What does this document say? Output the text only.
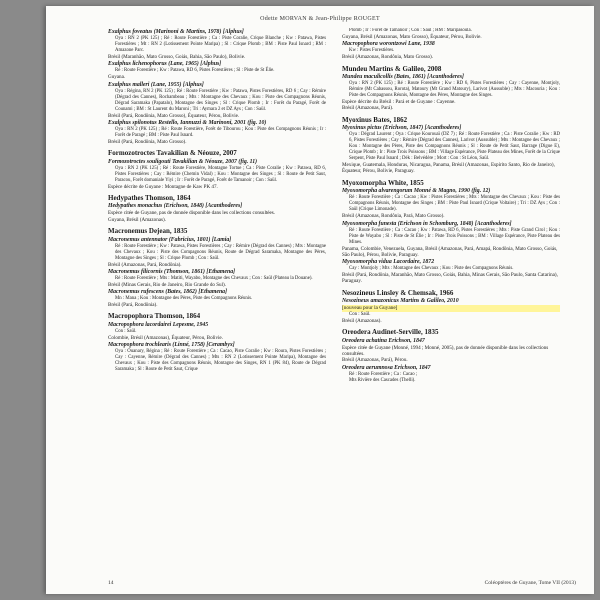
Odette MORVAN & Jean-Philippe ROUGET

Exalphus foveatus (Marinoni & Martins, 1978) [Alphus]

Oya : RN 2 (PK 125) ; Ré : Route Forestière ; Ca : Piste Coralie, Crique Blanche ; Kw : Patawa, Pistes Forestières ; Mt : RN 2 (Lotissement Pointe Maripa) ; Sl : Crique Plomb ; BM : Piste Paul Isnard ; RM : Amazone Parc.

Brésil (Maranhão, Mato Grosso, Goiás, Bahia, São Paulo), Bolivie.

Exalphus lichenophorus (Lane, 1965) [Alphus]

Ré : Route Forestière ; Kw : Patawa, RD 6, Pistes Forestières ; Sl : Piste de St Élie.

Guyana.

Exalphus malleri (Lane, 1955) [Alphus]

Oya : Régina, RN 2 (PK 125) ; Ré : Route Forestière ; Kw : Patawa, Pistes Forestières, RD 6 ; Cay : Rémire (Dégrad des Cannes), Rochambeau ; Mts : Montagne des Chevaux ; Kou : Piste des Compagnons Réunis, Dégrad Saramaka (Papatalo), Montagne des Singes ; Sl : Crique Plomb ; Ir : Forêt du Paragé, Forêt de Counami ; BM : St Laurent du Maroni ; Tri : Aymara 2 et DZ Ays ; Con : Saül.

Brésil (Pará, Rondônia, Mato Grosso), Équateur, Pérou, Bolivie.

Exalphus spilonotus Restello, Iannuzzi & Marinoni, 2001 (fig. 10)

Oya : RN 2 (PK 125) ; Ré : Route Forestière, Forêt de Tibourou ; Kou : Piste des Compagnons Réunis ; Ir : Forêt de Paragé ; BM : Piste Paul Isnard.

Brésil (Pará, Rondônia, Mato Grosso).

Formozotroctes Tavakilian & Néouze, 2007

Formozotroctes souligouti Tavakilian & Néouze, 2007 (fig. 11)

Oya : RN 2 (PK 125) ; Ré : Route Forestière, Montagne Tortue ; Ca : Piste Coralie ; Kw : Patawa, RD 6, Pistes Forestières ; Cay : Rémire (Chemin Vidal) ; Kou : Montagne des Singes ; Sl : Route de Petit Saut, Paracou, Forêt domaniale Yiyi ; Ir : Forêt de Paragé, Forêt de Tamanoir ; Con : Saül.

Espèce décrite de Guyane : Montagne de Kaw PK 47.

Hedypathes Thomson, 1864

Hedypathes monachus (Erichson, 1848) [Acanthoderes]

Espèce citée de Guyane, pas de donnée disponible dans les collections consultées.

Guyana, Brésil (Amazonas).

Macronemus Dejean, 1835

Macronemus antennator (Fabricius, 1801) [Lamia]

Ré : Route Forestière ; Kw : Patawa, Pistes Forestières ; Cay : Rémire (Dégrad des Cannes) ; Mts : Montagne des Chevaux ; Kou : Piste des Compagnons Réunis, Route de Dégrad Saramaka, Montagne des Pères, Montagne des Singes ; Sl : Crique Plomb ; Con : Saül.

Brésil (Amazonas, Pará, Rondônia).

Macronemus filicornis (Thomson, 1861) [Ethamena]

Ré : Route Forestière ; Mts : Matiti, Wayabo, Montagne des Chevaux ; Con : Saül (Plateau la Douane).

Brésil (Minas Gerais, Rio de Janeiro, Rio Grande do Sul).

Macronemus rufescens (Bates, 1862) [Ethamena]

Mn : Mana ; Kou : Montagne des Pères, Piste des Compagnons Réunis.

Brésil (Pará, Rondônia).

Macropophora Thomson, 1864

Macropophora lacordairei Lepesme, 1945

Con : Saül.

Colombie, Brésil (Amazonas), Équateur, Pérou, Bolivie.

Macropophora trochlearis (Linné, 1758) [Cerambyx]

Oya : Ouanary, Régina ; Ré : Route Forestière ; Ca : Cacao, Piste Coralie ; Kw : Roura, Pistes Forestières ; Cay : Cayenne, Rémire (Dégrad des Cannes) ; Mts : RN 2 (Lotissement Pointe Maripa), Montagne des Chevaux ; Kou : Piste des Compagnons Réunis, Montagne des Singes, RN 1 (PK 84), Route de Dégrad Saramaka ; Sl : Route de Petit Saut, Crique

Plomb ; Ir : Forêt de Tamanoir ; Con : Saül ; HM : Maripasoula.

Guyana, Brésil (Amazonas, Mato Grosso), Équateur, Pérou, Bolivie.

Macropophora worontzowi Lane, 1938

Kw : Pistes Forestières.

Brésil (Amazonas, Rondônia, Mato Grosso).

Mundeu Martins & Galileo, 2008

Mundeu maculicollis (Bates, 1861) [Acanthoderes]

Oya : RN 2 (PK 125) ; Ré : Route Forestière ; Kw : RD 6, Pistes Forestières ; Cay : Cayenne, Montjoly, Rémire (Mt Cabassou, Rorota), Matoury (Mt Grand Matoury), Larivot (Aussuble) ; Mts : Macouria ; Kou : Piste des Compagnons Réunis, Montagne des Pères, Montagne des Singes.

Espèce décrite du Brésil : Pará et de Guyane : Cayenne.

Brésil (Amazonas, Pará).

Myoxinus Bates, 1862

Myoxinus pictus (Erichson, 1847) [Acanthoderes]

Oya : Dégrad Laurent ; Oya : Crique Kourouaï (DZ 7) ; Ré : Route Forestière ; Ca : Piste Coralie ; Kw : RD 6, Pistes Forestières ; Cay : Rémire (Dégrad des Cannes), Larivot (Aussuble) ; Mts : Montagne des Chevaux ; Kou : Montagne des Pères, Piste des Compagnons Réunis ; Sl : Route de Petit Saut, Barrage (Digue E), Crique Plomb ; Ir : Piste Trois Poissons ; BM : Village Espérance, Piste Plateau des Mines, Forêt de la Crique Serpent, Piste Paul Isnard ; Dék : Belvédère ; Mort : Con : St Léon, Saül.

Mexique, Guatemala, Honduras, Nicaragua, Panama, Brésil (Amazonas, Espírito Santo, Rio de Janeiro), Équateur, Pérou, Bolivie, Paraguay.

Myoxomorpha White, 1855

Myoxomorpha alvarengorum Monné & Magno, 1990 (fig. 12)

Ré : Route Forestière ; Ca : Cacao ; Kw : Pistes Forestières ; Mts : Montagne des Chevaux ; Kou : Piste des Compagnons Réunis, Montagne des Singes ; BM : Piste Paul Isnard (Crique Voltaire) ; Tri : DZ Ays ; Con : Saül (Crique Limonade).

Brésil (Amazonas, Rondônia, Pará, Mato Grosso).

Myoxomorpha funesta (Erichson in Schomburg, 1848) [Acanthoderes]

Ré : Route Forestière ; Ca : Cacao ; Kw : Patawa, RD 6, Pistes Forestières ; Mts : Piste Grand Cirol ; Kou : Piste de Wayabo ; Sl : Piste de St Élie ; Ir : Piste Trois Poissons ; BM : Village Espérance, Piste Plateau des Mines.

Panama, Colombie, Venezuela, Guyana, Brésil (Amazonas, Pará, Amapá, Rondônia, Mato Grosso, Goiás, São Paulo), Pérou, Bolivie, Paraguay.

Myoxomorpha vidua Lacordaire, 1872

Cay : Montjoly ; Mts : Montagne des Chevaux ; Kou : Piste des Compagnons Réunis.

Brésil (Pará, Rondônia, Maranhão, Mato Grosso, Goiás, Bahia, Minas Gerais, São Paulo, Santa Catarina), Paraguay.

Nesozineus Linsley & Chemsak, 1966

Nesozineus amazonicus Martins & Galileo, 2010

[nouveau pour la Guyane]

Con : Saül.

Brésil (Amazonas).

Oreodera Audinet-Serville, 1835

Oreodera achatina Erichson, 1847

Espèce citée de Guyane (Monné, 1994 ; Monné, 2005), pas de donnée disponible dans les collections consultées.

Brésil (Amazonas, Pará), Pérou.

Oreodera aerumnosa Erichson, 1847

Ré : Route Forestière ; Ca : Cacao ;

Mts Rivière des Cascades (Thelli).

14	Coléoptères de Guyane, Tome VII (2013)
